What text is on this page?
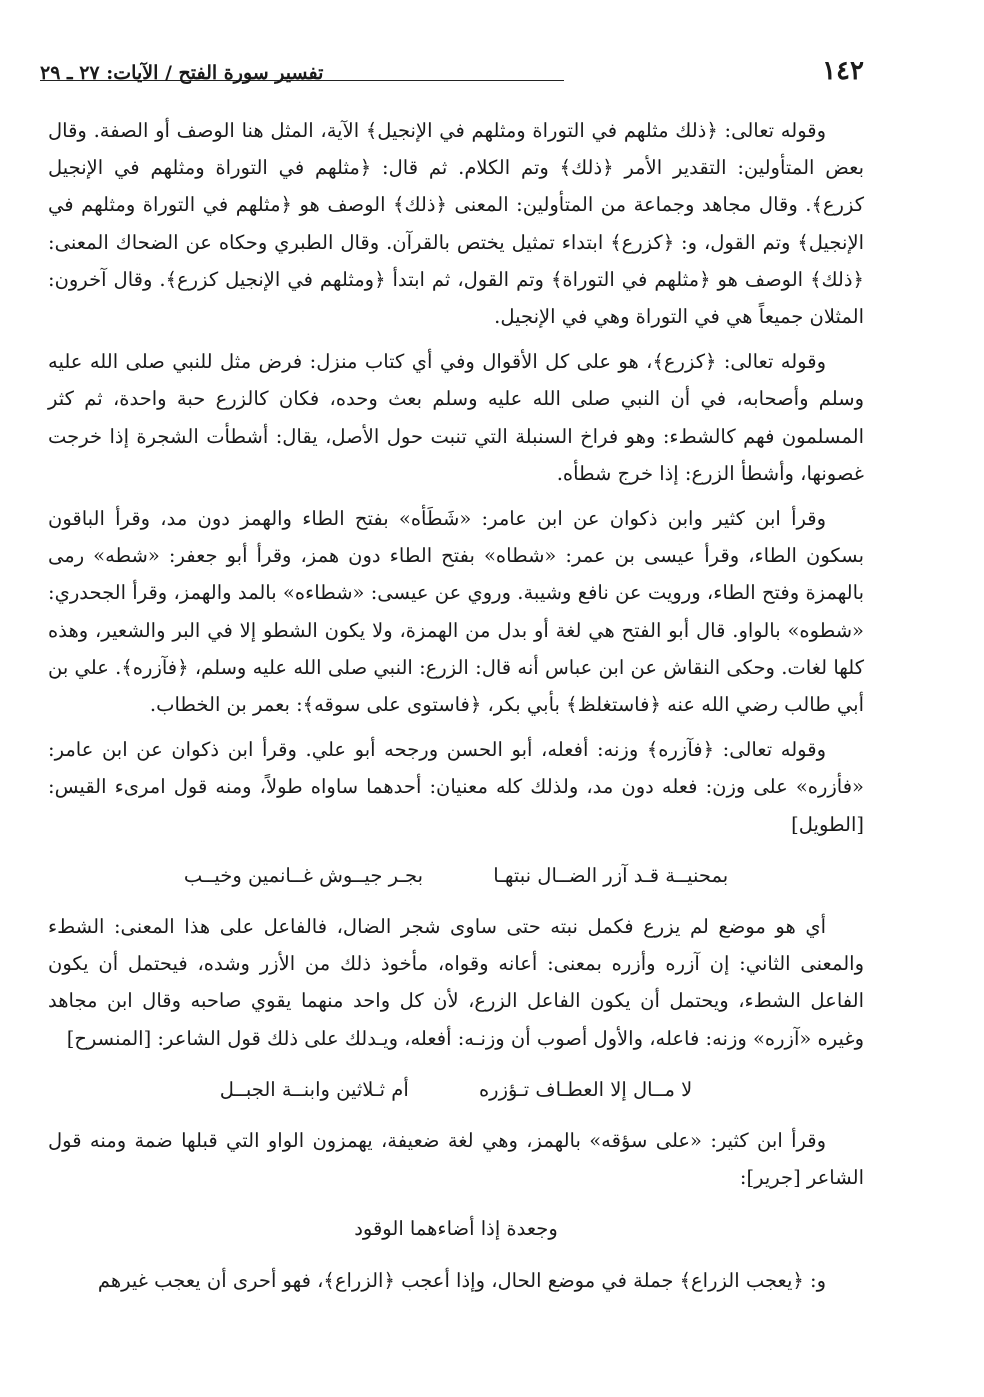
١٤٢
تفسير سورة الفتح / الآيات: ٢٧ ـ ٢٩

وقوله تعالى: ﴿ذلك مثلهم في التوراة ومثلهم في الإنجيل﴾ الآية، المثل هنا الوصف أو الصفة. وقال بعض المتأولين: التقدير الأمر ﴿ذلك﴾ وتم الكلام. ثم قال: ﴿مثلهم في التوراة ومثلهم في الإنجيل كزرع﴾. وقال مجاهد وجماعة من المتأولين: المعنى ﴿ذلك﴾ الوصف هو ﴿مثلهم في التوراة ومثلهم في الإنجيل﴾ وتم القول، و: ﴿كزرع﴾ ابتداء تمثيل يختص بالقرآن. وقال الطبري وحكاه عن الضحاك المعنى: ﴿ذلك﴾ الوصف هو ﴿مثلهم في التوراة﴾ وتم القول، ثم ابتدأ ﴿ومثلهم في الإنجيل كزرع﴾. وقال آخرون: المثلان جميعاً هي في التوراة وهي في الإنجيل.

وقوله تعالى: ﴿كزرع﴾، هو على كل الأقوال وفي أي كتاب منزل: فرض مثل للنبي صلى الله عليه وسلم وأصحابه، في أن النبي صلى الله عليه وسلم بعث وحده، فكان كالزرع حبة واحدة، ثم كثر المسلمون فهم كالشطء: وهو فراخ السنبلة التي تنبت حول الأصل، يقال: أشطأت الشجرة إذا خرجت غصونها، وأشطأ الزرع: إذا خرج شطأه.

وقرأ ابن كثير وابن ذكوان عن ابن عامر: «شَطَأه» بفتح الطاء والهمز دون مد، وقرأ الباقون بسكون الطاء، وقرأ عيسى بن عمر: «شطاه» بفتح الطاء دون همز، وقرأ أبو جعفر: «شطه» رمى بالهمزة وفتح الطاء، ورويت عن نافع وشيبة. وروي عن عيسى: «شطاءه» بالمد والهمز، وقرأ الجحدري: «شطوه» بالواو. قال أبو الفتح هي لغة أو بدل من الهمزة، ولا يكون الشطو إلا في البر والشعير، وهذه كلها لغات. وحكى النقاش عن ابن عباس أنه قال: الزرع: النبي صلى الله عليه وسلم، ﴿فآزره﴾. علي بن أبي طالب رضي الله عنه ﴿فاستغلظ﴾ بأبي بكر، ﴿فاستوى على سوقه﴾: بعمر بن الخطاب.

وقوله تعالى: ﴿فآزره﴾ وزنه: أفعله، أبو الحسن ورجحه أبو علي. وقرأ ابن ذكوان عن ابن عامر: «فأزره» على وزن: فعله دون مد، ولذلك كله معنيان: أحدهما ساواه طولاً، ومنه قول امرىء القيس: [الطويل]

بمحنيــة قـد آزر الضــال نبتهـا بجـر جيــوش غــانمين وخيــب

أي هو موضع لم يزرع فكمل نبته حتى ساوى شجر الضال، فالفاعل على هذا المعنى: الشطء والمعنى الثاني: إن آزره وأزره بمعنى: أعانه وقواه، مأخوذ ذلك من الأزر وشده، فيحتمل أن يكون الفاعل الشطء، ويحتمل أن يكون الفاعل الزرع، لأن كل واحد منهما يقوي صاحبه وقال ابن مجاهد وغيره «آزره» وزنه: فاعله، والأول أصوب أن وزنـه: أفعله، ويـدلك على ذلك قول الشاعر: [المنسرح]

لا مــال إلا العطـاف تـؤزره أم ثـلاثين وابنــة الجبــل

وقرأ ابن كثير: «على سؤقه» بالهمز، وهي لغة ضعيفة، يهمزون الواو التي قبلها ضمة ومنه قول الشاعر [جرير]:

وجعدة إذا أضاءهما الوقود

و: ﴿يعجب الزراع﴾ جملة في موضع الحال، وإذا أعجب ﴿الزراع﴾، فهو أحرى أن يعجب غيرهم
